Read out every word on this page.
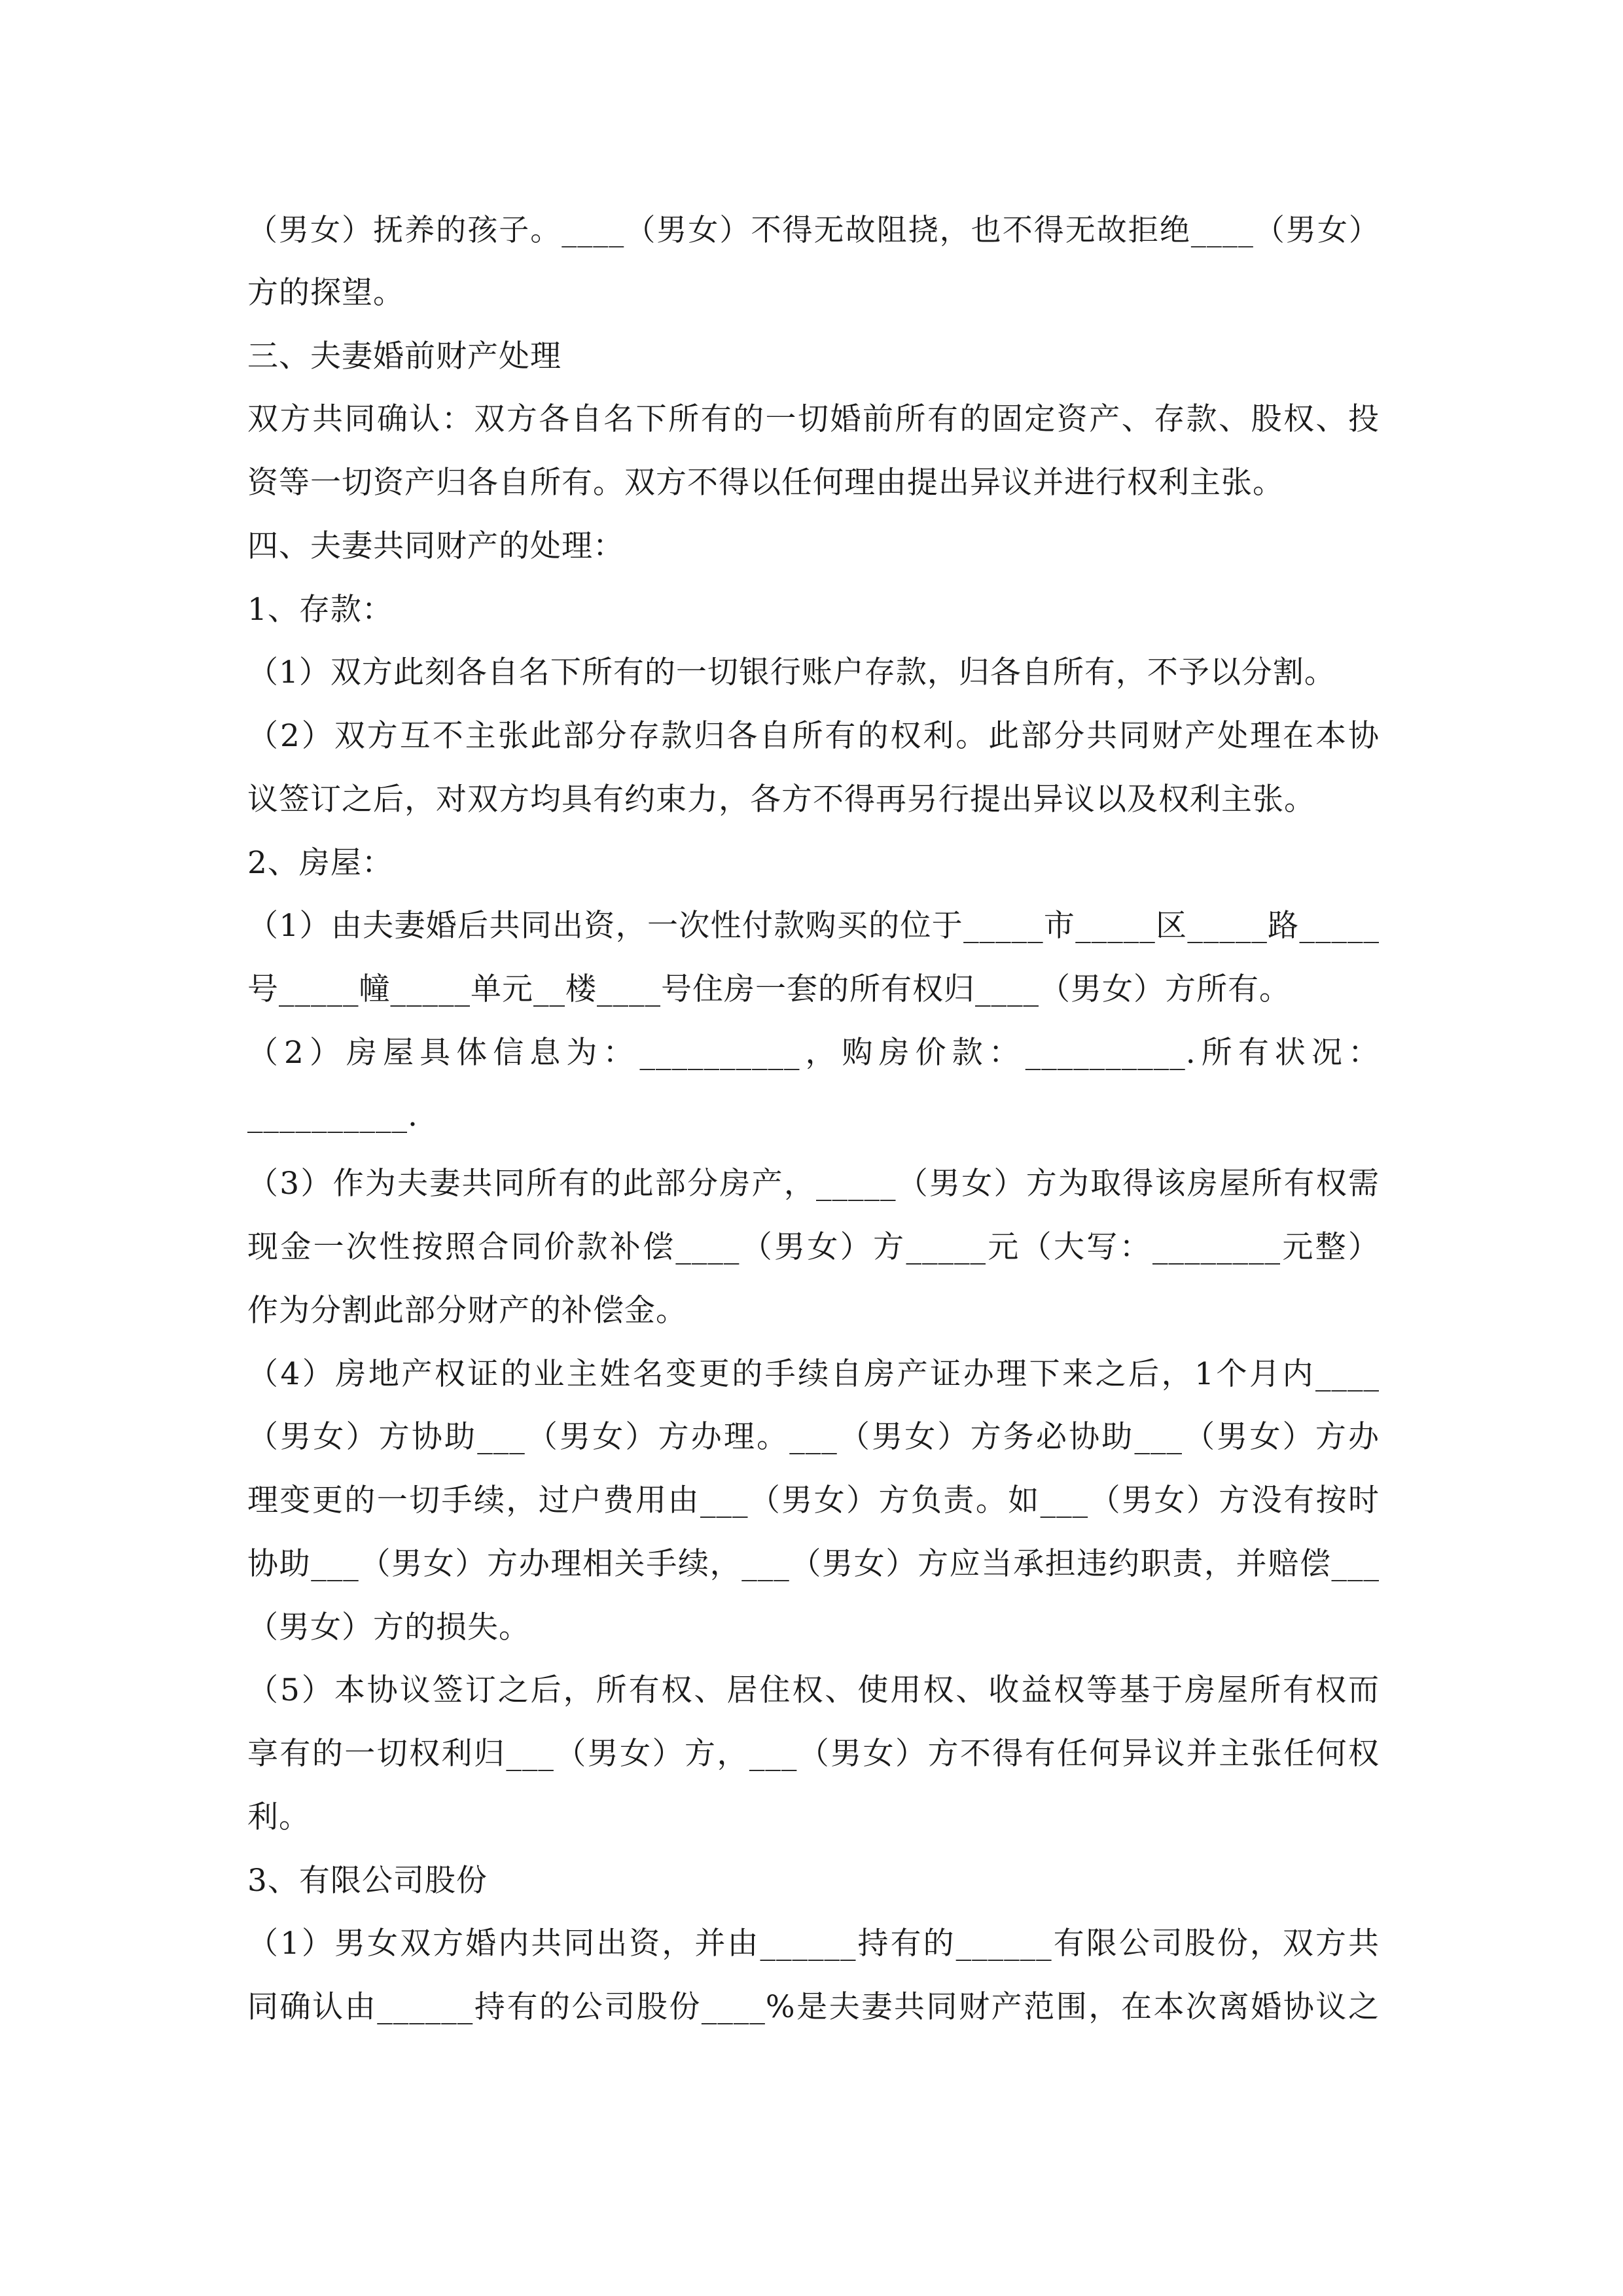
（男女）抚养的孩子。____（男女）不得无故阻挠，也不得无故拒绝____（男女）
方的探望。
三、夫妻婚前财产处理
双方共同确认：双方各自名下所有的一切婚前所有的固定资产、存款、股权、投
资等一切资产归各自所有。双方不得以任何理由提出异议并进行权利主张。
四、夫妻共同财产的处理：
1、存款：
（1）双方此刻各自名下所有的一切银行账户存款，归各自所有，不予以分割。
（2）双方互不主张此部分存款归各自所有的权利。此部分共同财产处理在本协
议签订之后，对双方均具有约束力，各方不得再另行提出异议以及权利主张。
2、房屋：
（1）由夫妻婚后共同出资，一次性付款购买的位于_____市_____区_____路_____
号_____幢_____单元__楼____号住房一套的所有权归____（男女）方所有。
（2）房屋具体信息为：__________，购房价款：__________.所有状况：
__________.
（3）作为夫妻共同所有的此部分房产，_____（男女）方为取得该房屋所有权需
现金一次性按照合同价款补偿____（男女）方_____元（大写：________元整）
作为分割此部分财产的补偿金。
（4）房地产权证的业主姓名变更的手续自房产证办理下来之后，1个月内____
（男女）方协助___（男女）方办理。___（男女）方务必协助___（男女）方办
理变更的一切手续，过户费用由___（男女）方负责。如___（男女）方没有按时
协助___（男女）方办理相关手续，___（男女）方应当承担违约职责，并赔偿___
（男女）方的损失。
（5）本协议签订之后，所有权、居住权、使用权、收益权等基于房屋所有权而
享有的一切权利归___（男女）方，___（男女）方不得有任何异议并主张任何权
利。
3、有限公司股份
（1）男女双方婚内共同出资，并由______持有的______有限公司股份，双方共
同确认由______持有的公司股份____%是夫妻共同财产范围，在本次离婚协议之
